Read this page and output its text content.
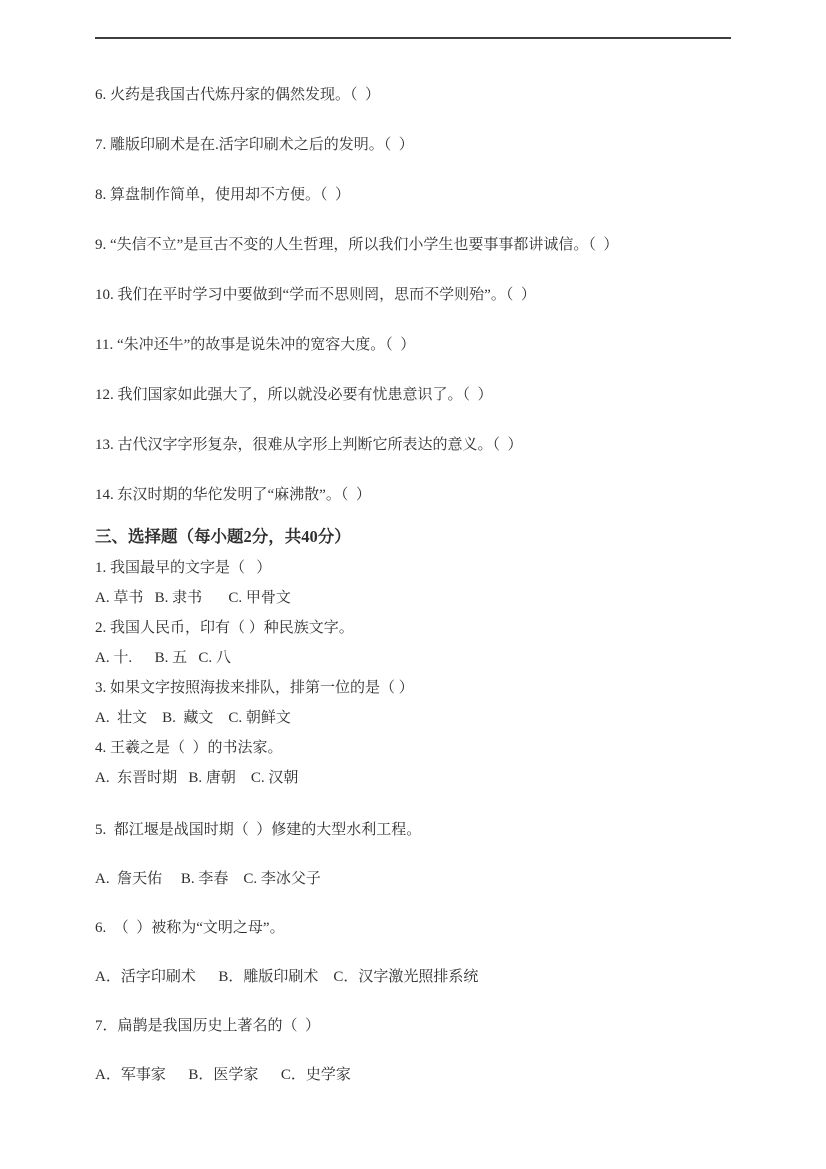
6. 火药是我国古代炼丹家的偶然发现。（  ）

7. 雕版印刷术是在.活字印刷术之后的发明。（  ）

8. 算盘制作简单，使用却不方便。（  ）

9. “失信不立”是亘古不变的人生哲理，所以我们小学生也要事事都讲诚信。（  ）

10. 我们在平时学习中要做到“学而不思则罔，思而不学则殆”。（  ）

11. “朱冲还牛”的故事是说朱冲的宽容大度。（  ）

12. 我们国家如此强大了，所以就没必要有忧患意识了。（  ）

13. 古代汉字字形复杂，很难从字形上判断它所表达的意义。（  ）

14. 东汉时期的华佗发明了“麻沸散”。（  ）

三、选择题（每小题2分，共40分）

1. 我国最早的文字是（   ）

A. 草书   B. 隶书       C. 甲骨文

2. 我国人民币，印有（ ）种民族文字。

A. 十.      B. 五   C. 八

3. 如果文字按照海拔来排队，排第一位的是（ ）

A.  壮文    B.  藏文    C. 朝鲜文

4. 王羲之是（  ）的书法家。

A.  东晋时期   B. 唐朝    C. 汉朝

5.  都江堰是战国时期（  ）修建的大型水利工程。

A.  詹天佑     B. 李春    C. 李冰父子

6.  （  ）被称为“文明之母”。

A．活字印刷术      B．雕版印刷术    C．汉字激光照排系统

7．扁鹊是我国历史上著名的（  ）

A．军事家      B．医学家      C．史学家
